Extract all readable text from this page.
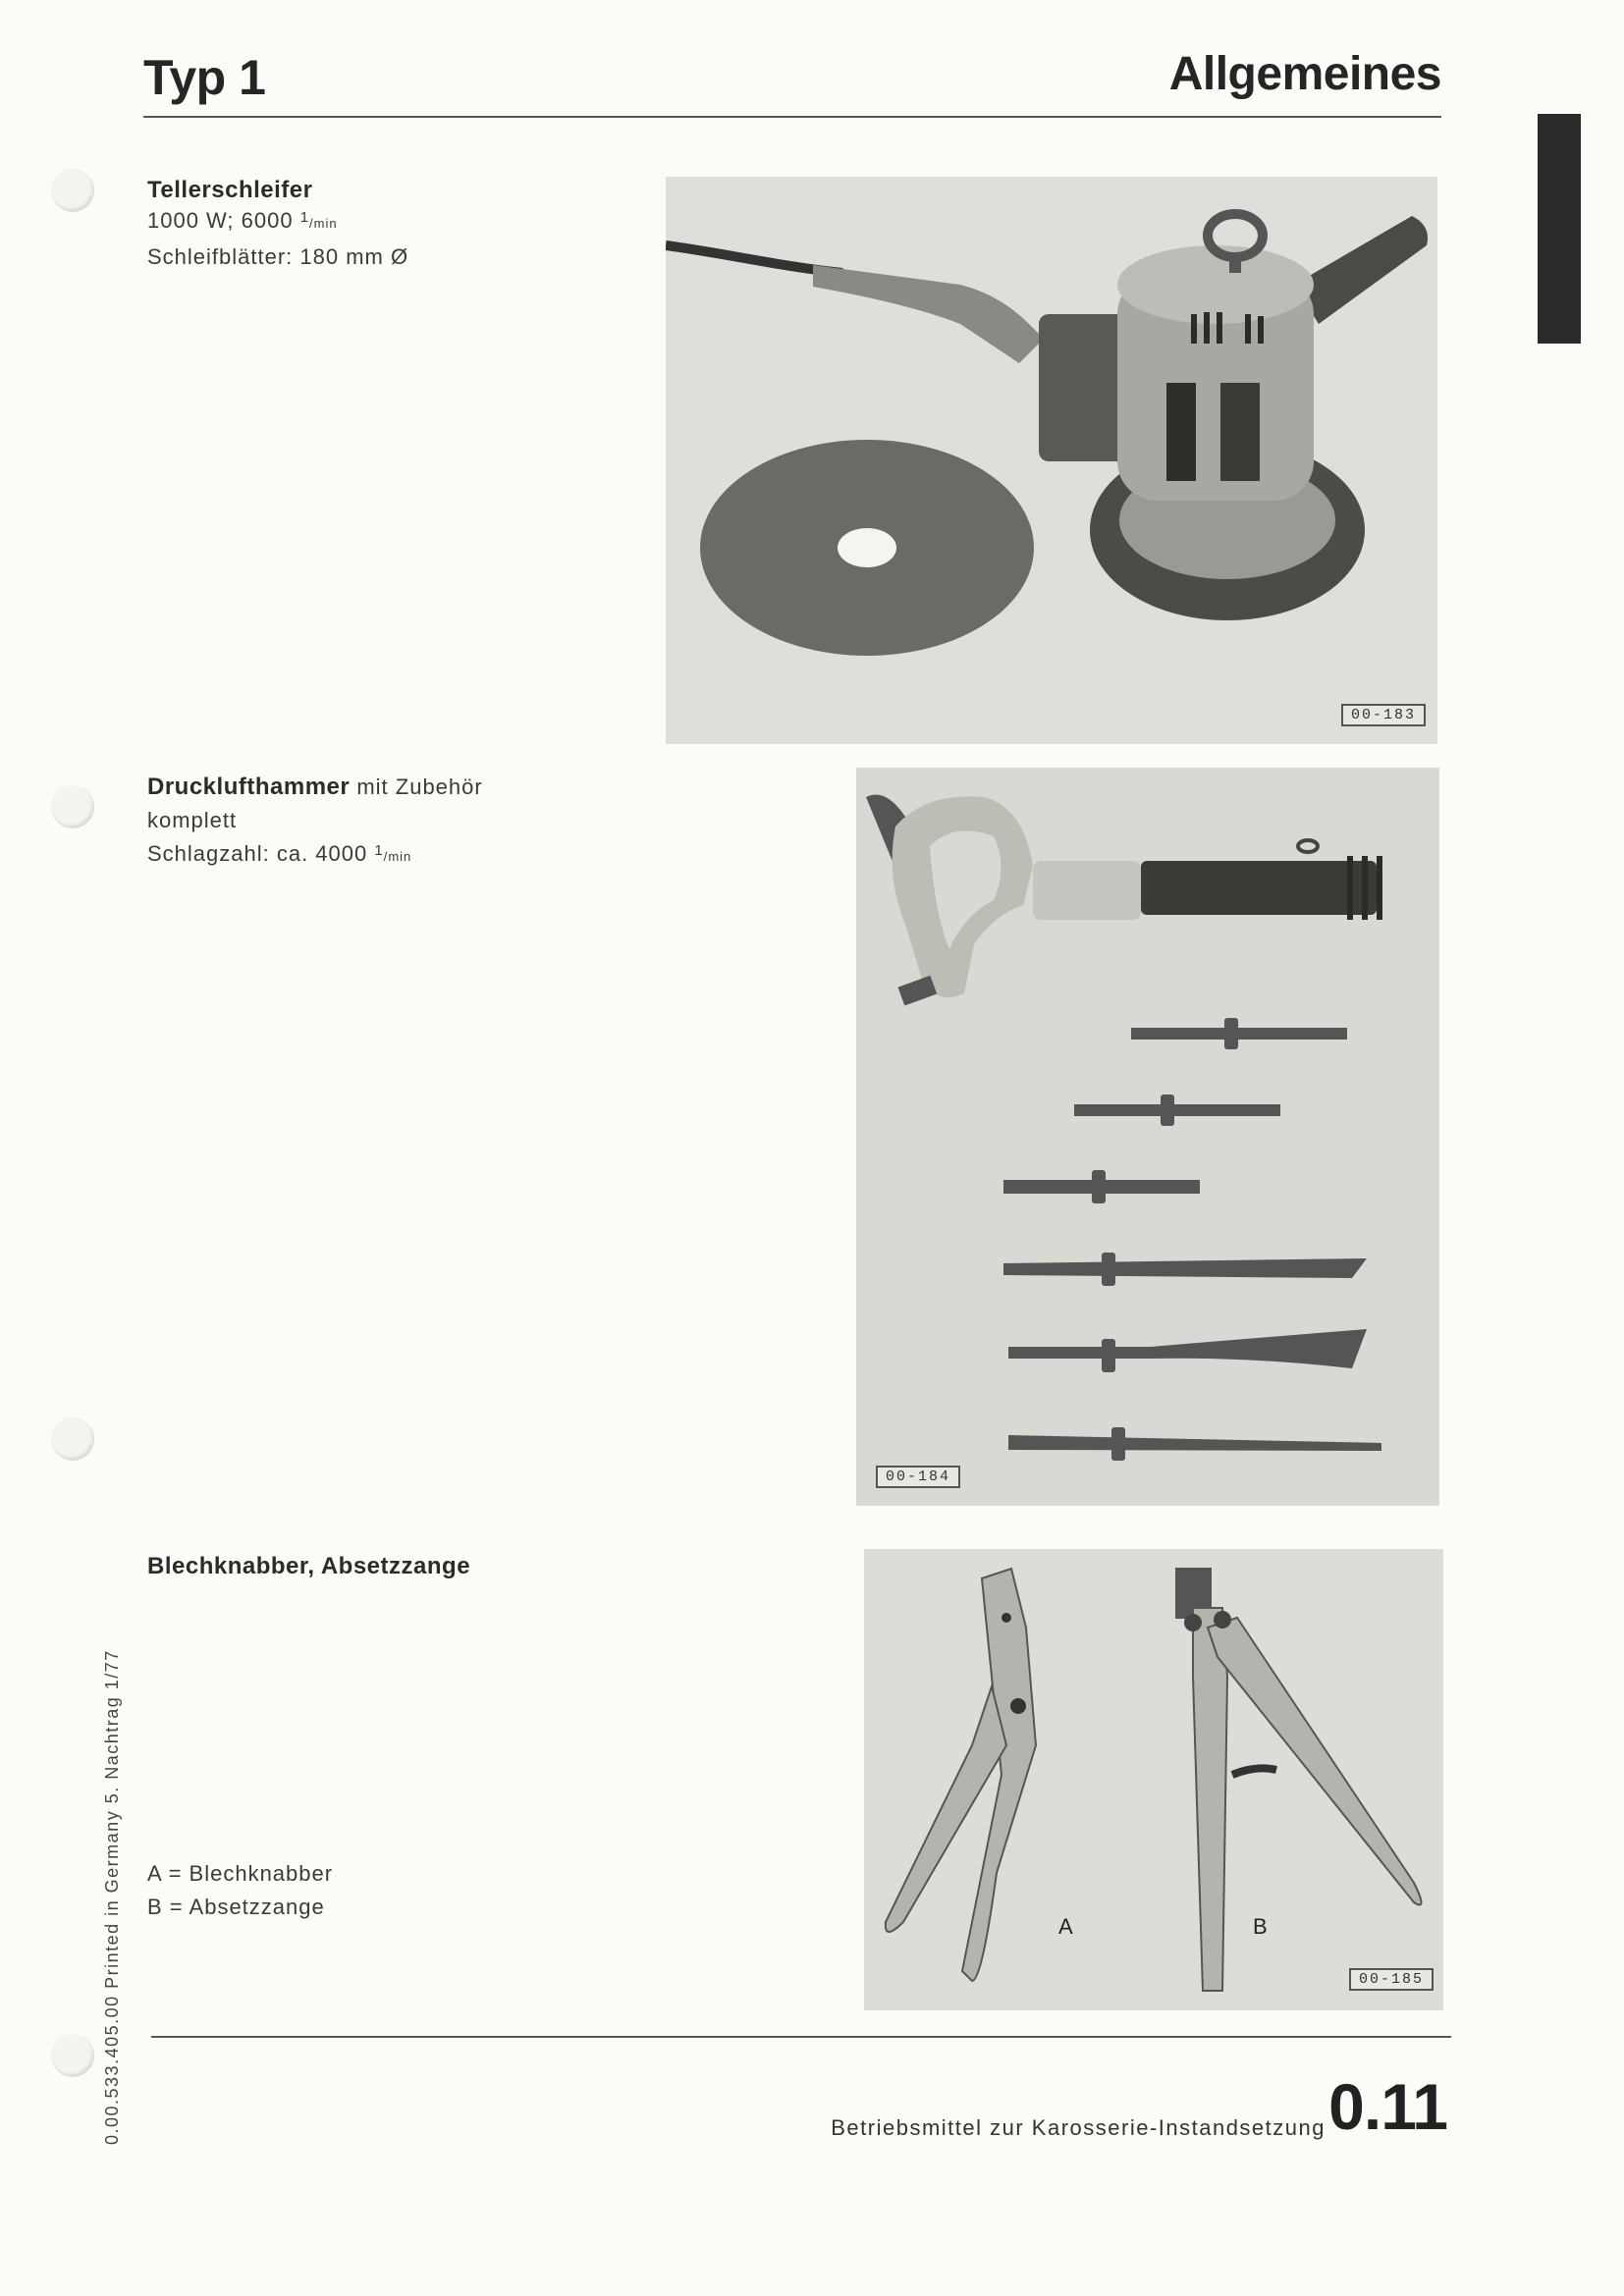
Typ 1	Allgemeines
Tellerschleifer
1000 W; 6000 $^1$/min
Schleifblätter: 180 mm Ø
00-183
Drucklufthammer mit Zubehör
komplett
Schlagzahl: ca. 4000 $^1$/min
00-184
Blechknabber, Absetzzange
A = Blechknabber
B = Absetzzange
A	B
00-185
Betriebsmittel zur Karosserie-Instandsetzung 0.11
0.00.533.405.00 Printed in Germany 5. Nachtrag 1/77
